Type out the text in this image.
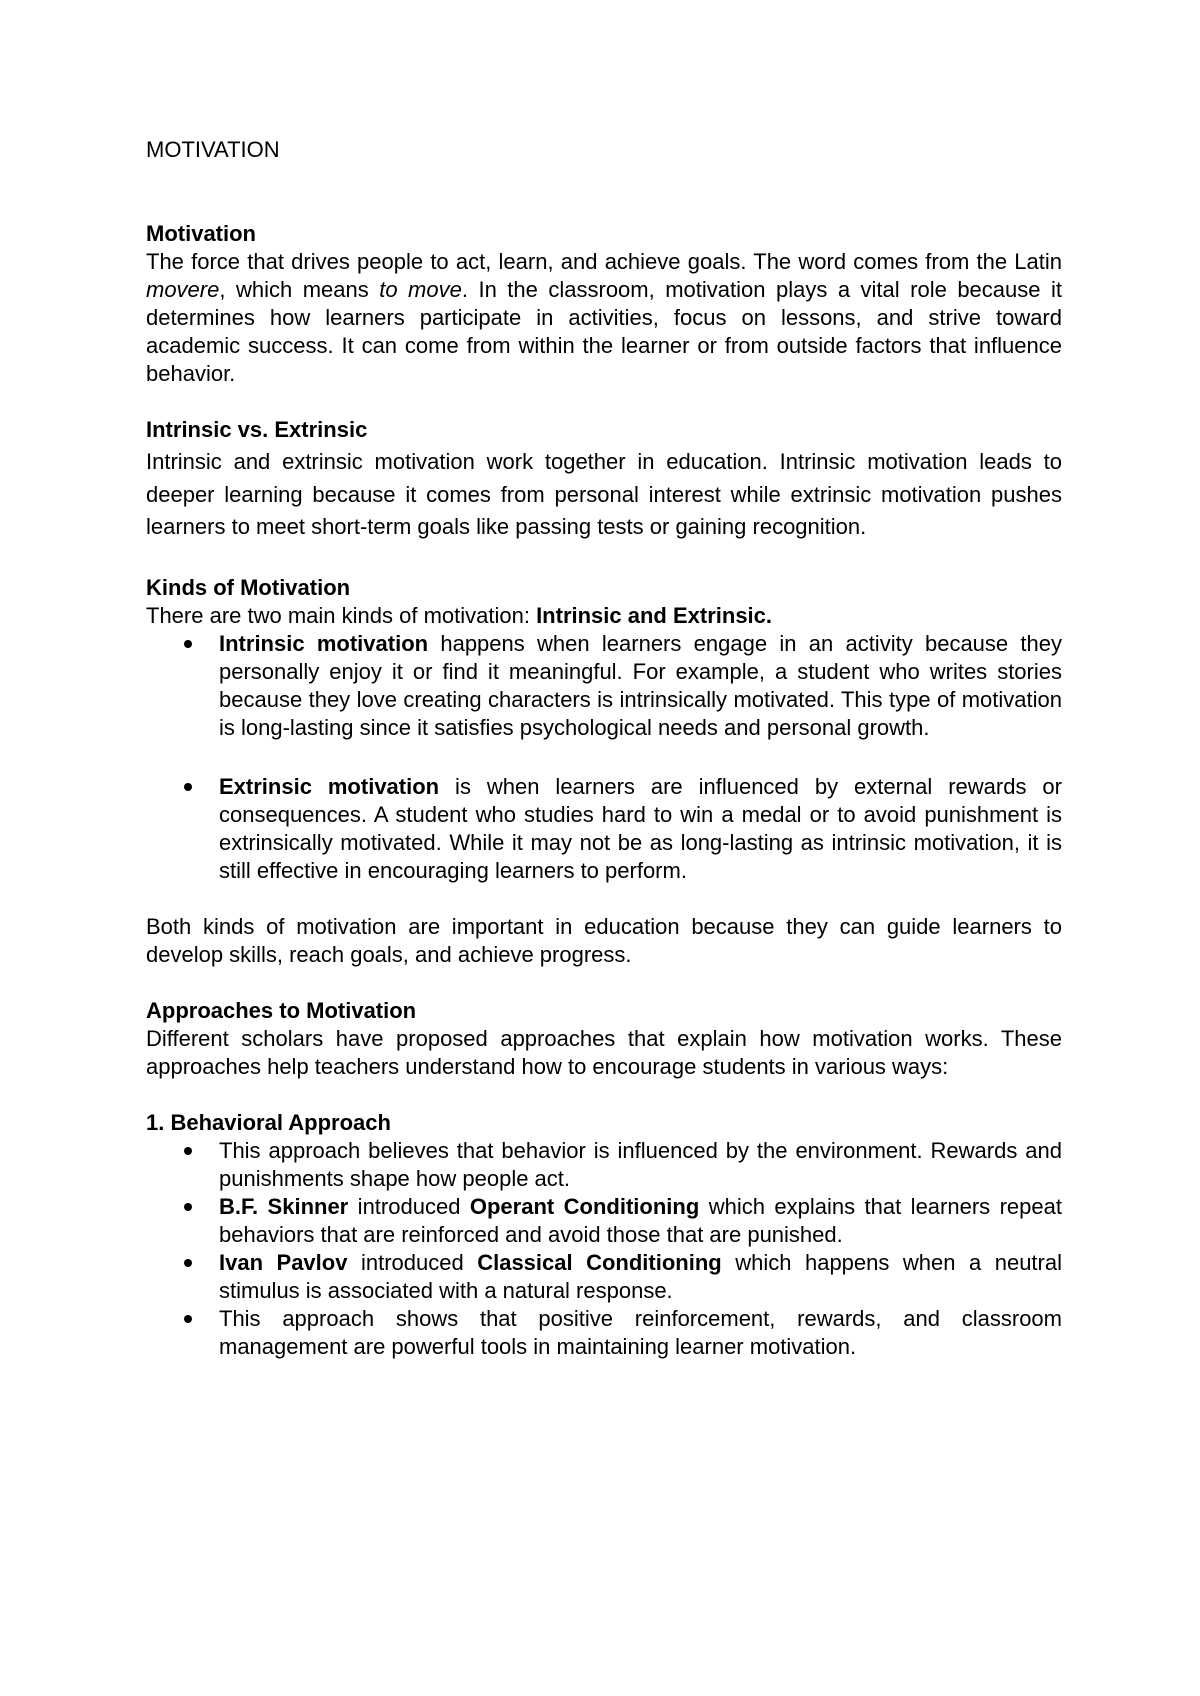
MOTIVATION
Motivation

The force that drives people to act, learn, and achieve goals. The word comes from the Latin movere, which means to move. In the classroom, motivation plays a vital role because it determines how learners participate in activities, focus on lessons, and strive toward academic success. It can come from within the learner or from outside factors that influence behavior.

Intrinsic vs. Extrinsic

Intrinsic and extrinsic motivation work together in education. Intrinsic motivation leads to deeper learning because it comes from personal interest while extrinsic motivation pushes learners to meet short-term goals like passing tests or gaining recognition.

Kinds of Motivation

There are two main kinds of motivation: Intrinsic and Extrinsic.

Intrinsic motivation happens when learners engage in an activity because they personally enjoy it or find it meaningful. For example, a student who writes stories because they love creating characters is intrinsically motivated. This type of motivation is long-lasting since it satisfies psychological needs and personal growth.
Extrinsic motivation is when learners are influenced by external rewards or consequences. A student who studies hard to win a medal or to avoid punishment is extrinsically motivated. While it may not be as long-lasting as intrinsic motivation, it is still effective in encouraging learners to perform.

Both kinds of motivation are important in education because they can guide learners to develop skills, reach goals, and achieve progress.

Approaches to Motivation

Different scholars have proposed approaches that explain how motivation works. These approaches help teachers understand how to encourage students in various ways:

1. Behavioral Approach
This approach believes that behavior is influenced by the environment. Rewards and punishments shape how people act.
B.F. Skinner introduced Operant Conditioning which explains that learners repeat behaviors that are reinforced and avoid those that are punished.
Ivan Pavlov introduced Classical Conditioning which happens when a neutral stimulus is associated with a natural response.
This approach shows that positive reinforcement, rewards, and classroom management are powerful tools in maintaining learner motivation.
